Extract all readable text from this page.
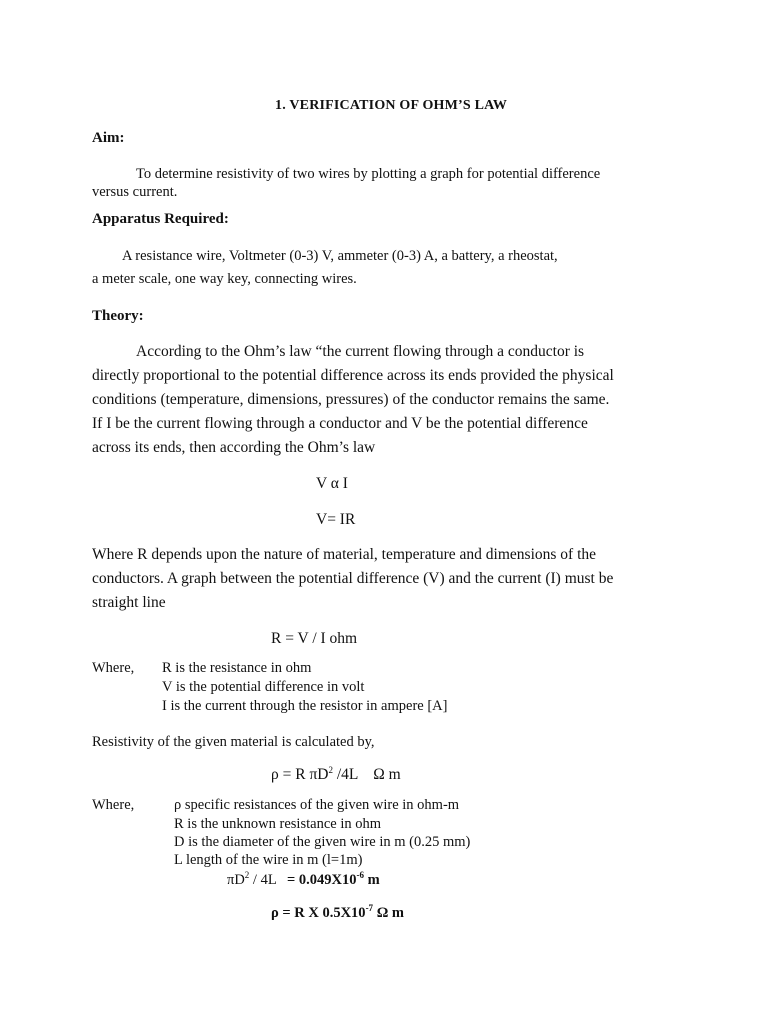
1. VERIFICATION OF OHM’S LAW
Aim:
To determine resistivity of two wires by plotting a graph for potential difference
versus current.
Apparatus Required:
A resistance wire, Voltmeter (0-3) V, ammeter (0-3) A, a battery, a rheostat,
a meter scale, one way key, connecting wires.
Theory:
According to the Ohm’s law “the current flowing through a conductor is
directly proportional to the potential difference across its ends provided the physical
conditions (temperature, dimensions, pressures) of the conductor remains the same.
If I be the current flowing through a conductor and V be the potential difference
across its ends, then according the Ohm’s law
V α I
V= IR
Where R depends upon the nature of material, temperature and dimensions of the
conductors. A graph between the potential difference (V) and the current (I) must be
straight line
R = V / I ohm
Where, R is the resistance in ohm
V is the potential difference in volt
I is the current through the resistor in ampere [A]
Resistivity of the given material is calculated by,
ρ = R $\pi D^2$ /4L    Ω m
Where,	ρ specific resistances of the given wire in ohm-m
R is the unknown resistance in ohm
D is the diameter of the given wire in m (0.25 mm)
L length of the wire in m (l=1m)
$\pi D^2 / 4L = 0.049X10^{-6}$ m
ρ = R X $0.5X10^{-7}$ Ω m
